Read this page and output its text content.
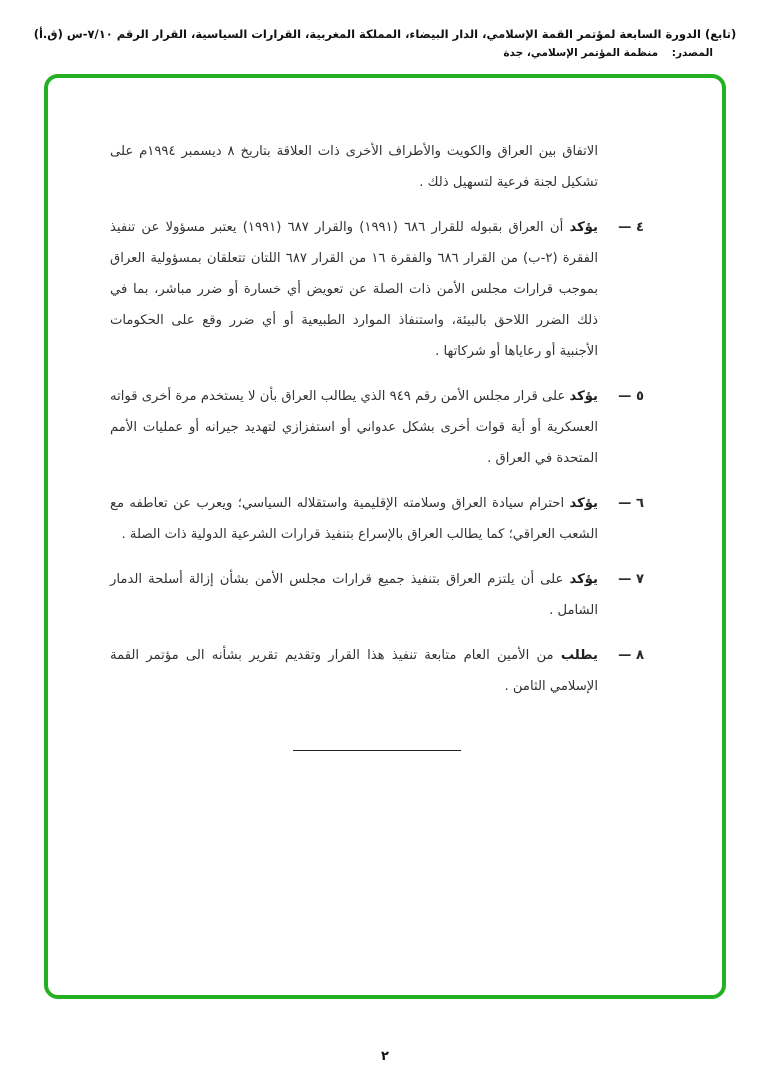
(تابع) الدورة السابعة لمؤتمر القمة الإسلامي، الدار البيضاء، المملكة المغربية، القرارات السياسية، القرار الرقم ٧/١٠-س (ق.أ)
المصدر: منظمة المؤتمر الإسلامي، جدة

الاتفاق بين العراق والكويت والأطراف الأخرى ذات العلاقة بتاريخ ٨ ديسمبر ١٩٩٤م على تشكيل لجنة فرعية لتسهيل ذلك .

٤ —
يؤكد أن العراق بقبوله للقرار ٦٨٦ (١٩٩١) والقرار ٦٨٧ (١٩٩١) يعتبر مسؤولا عن تنفيذ الفقرة (٢-ب) من القرار ٦٨٦ والفقرة ١٦ من القرار ٦٨٧ اللتان تتعلقان بمسؤولية العراق بموجب قرارات مجلس الأمن ذات الصلة عن تعويض أي خسارة أو ضرر مباشر، بما في ذلك الضرر اللاحق بالبيئة، واستنفاذ الموارد الطبيعية أو أي ضرر وقع على الحكومات الأجنبية أو رعاياها أو شركاتها .
٥ —
يؤكد على قرار مجلس الأمن رقم ٩٤٩ الذي يطالب العراق بأن لا يستخدم مرة أخرى قواته العسكرية أو أية قوات أخرى بشكل عدواني أو استفزازي لتهديد جيرانه أو عمليات الأمم المتحدة في العراق .
٦ —
يؤكد احترام سيادة العراق وسلامته الإقليمية واستقلاله السياسي؛ ويعرب عن تعاطفه مع الشعب العراقي؛ كما يطالب العراق بالإسراع بتنفيذ قرارات الشرعية الدولية ذات الصلة .
٧ —
يؤكد على أن يلتزم العراق بتنفيذ جميع قرارات مجلس الأمن بشأن إزالة أسلحة الدمار الشامل .
٨ —
يطلب من الأمين العام متابعة تنفيذ هذا القرار وتقديم تقرير بشأنه الى مؤتمر القمة الإسلامي الثامن .
٢
